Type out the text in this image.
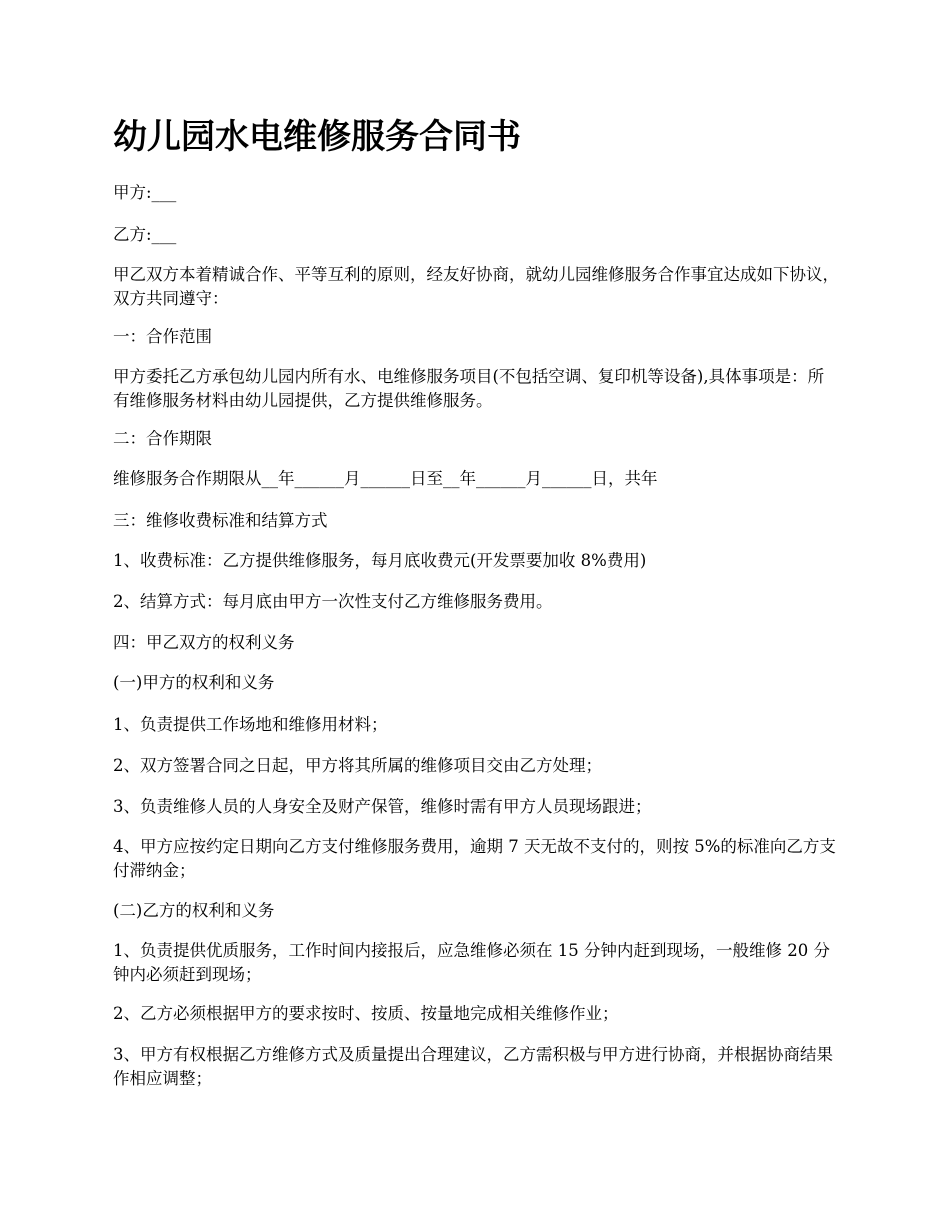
幼儿园水电维修服务合同书

甲方:___

乙方:___

甲乙双方本着精诚合作、平等互利的原则，经友好协商，就幼儿园维修服务合作事宜达成如下协议，双方共同遵守：

一：合作范围

甲方委托乙方承包幼儿园内所有水、电维修服务项目(不包括空调、复印机等设备),具体事项是：所有维修服务材料由幼儿园提供，乙方提供维修服务。

二：合作期限

维修服务合作期限从__年______月______日至__年______月______日，共年

三：维修收费标准和结算方式

1、收费标准：乙方提供维修服务，每月底收费元(开发票要加收 8%费用)

2、结算方式：每月底由甲方一次性支付乙方维修服务费用。

四：甲乙双方的权利义务

(一)甲方的权利和义务

1、负责提供工作场地和维修用材料；

2、双方签署合同之日起，甲方将其所属的维修项目交由乙方处理；

3、负责维修人员的人身安全及财产保管，维修时需有甲方人员现场跟进；

4、甲方应按约定日期向乙方支付维修服务费用，逾期 7 天无故不支付的，则按 5%的标准向乙方支付滞纳金；

(二)乙方的权利和义务

1、负责提供优质服务，工作时间内接报后，应急维修必须在 15 分钟内赶到现场，一般维修 20 分钟内必须赶到现场；

2、乙方必须根据甲方的要求按时、按质、按量地完成相关维修作业；

3、甲方有权根据乙方维修方式及质量提出合理建议，乙方需积极与甲方进行协商，并根据协商结果作相应调整；
